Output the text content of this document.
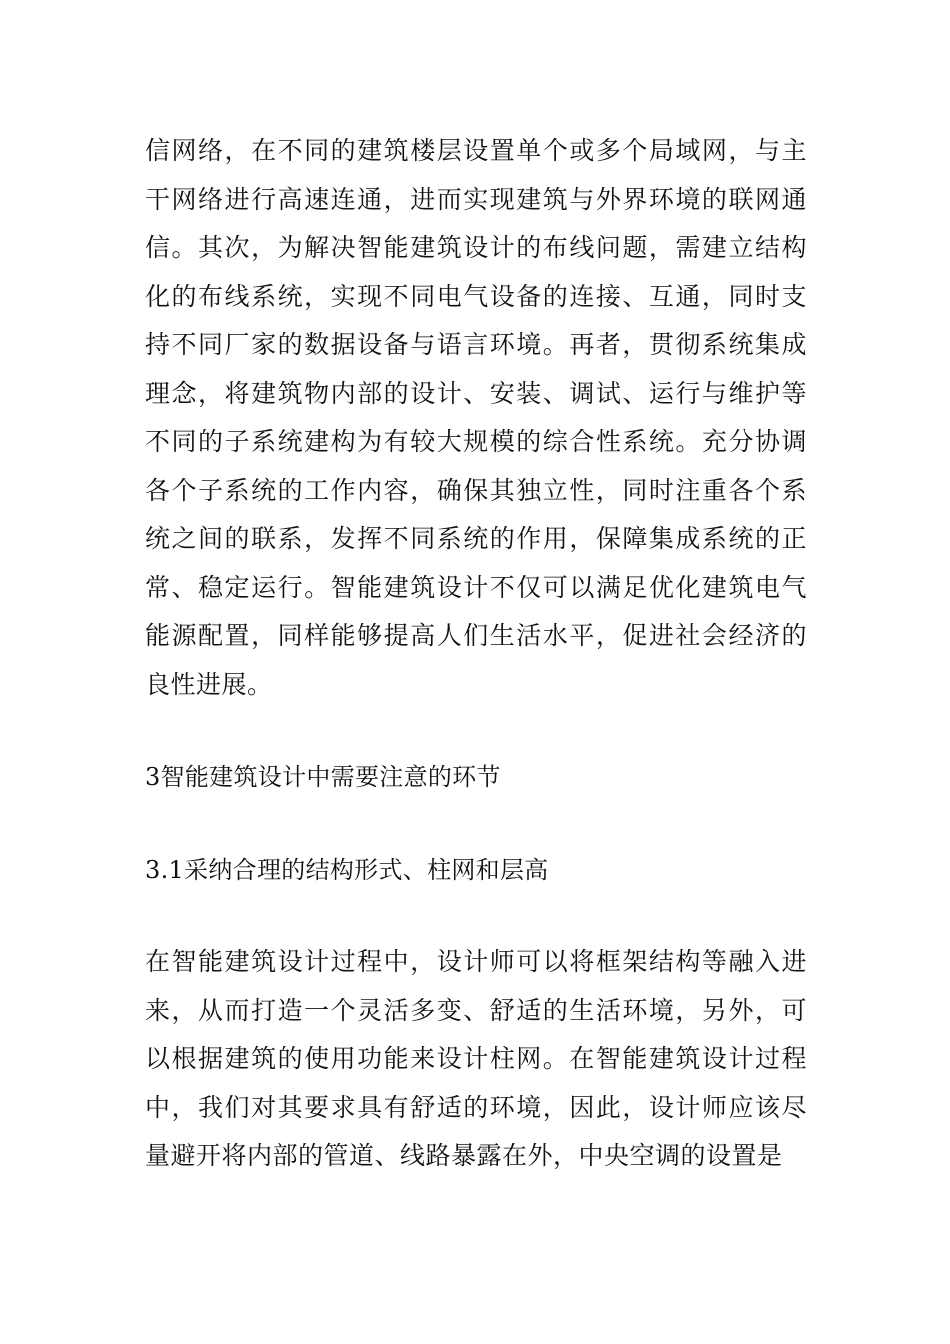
信网络，在不同的建筑楼层设置单个或多个局域网，与主干网络进行高速连通，进而实现建筑与外界环境的联网通信。其次，为解决智能建筑设计的布线问题，需建立结构化的布线系统，实现不同电气设备的连接、互通，同时支持不同厂家的数据设备与语言环境。再者，贯彻系统集成理念，将建筑物内部的设计、安装、调试、运行与维护等不同的子系统建构为有较大规模的综合性系统。充分协调各个子系统的工作内容，确保其独立性，同时注重各个系统之间的联系，发挥不同系统的作用，保障集成系统的正常、稳定运行。智能建筑设计不仅可以满足优化建筑电气能源配置，同样能够提高人们生活水平，促进社会经济的良性进展。

3智能建筑设计中需要注意的环节

3.1采纳合理的结构形式、柱网和层高

在智能建筑设计过程中，设计师可以将框架结构等融入进来，从而打造一个灵活多变、舒适的生活环境，另外，可以根据建筑的使用功能来设计柱网。在智能建筑设计过程中，我们对其要求具有舒适的环境，因此，设计师应该尽量避开将内部的管道、线路暴露在外，中央空调的设置是
